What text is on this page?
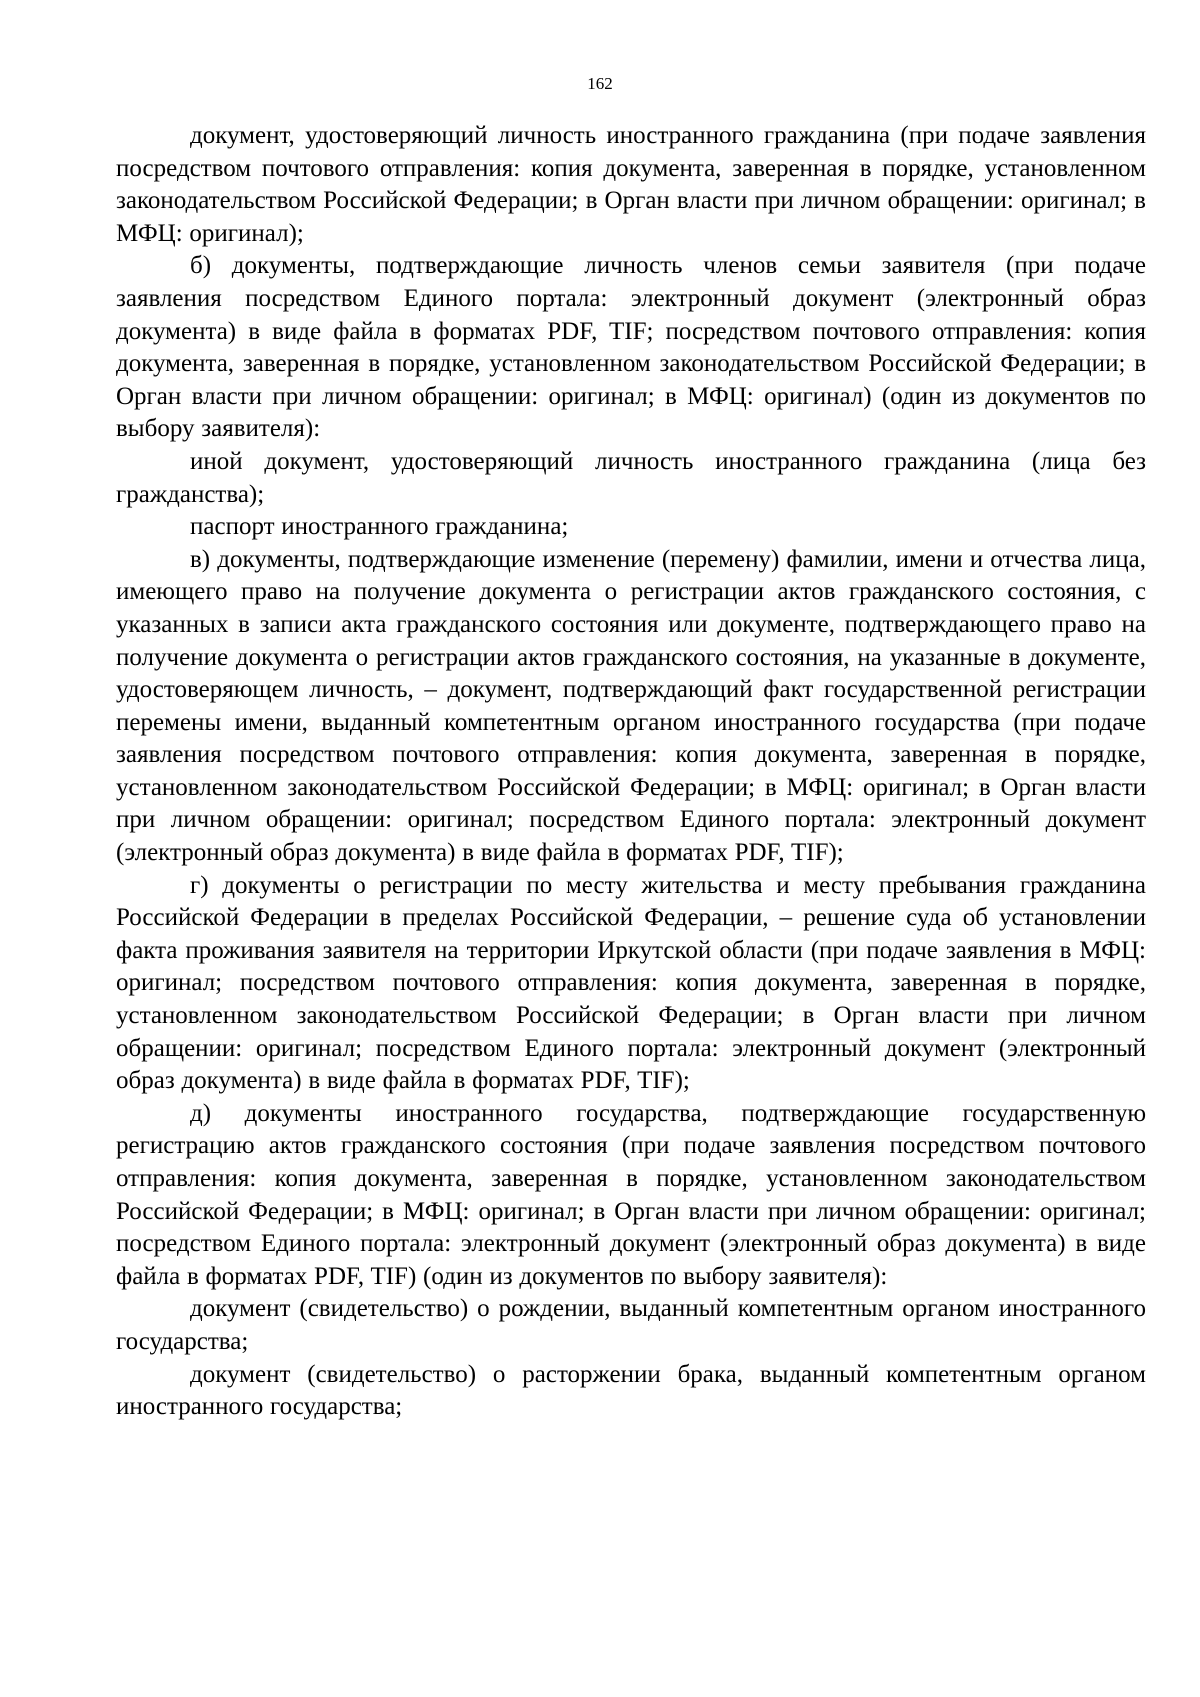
162

документ, удостоверяющий личность иностранного гражданина (при подаче заявления посредством почтового отправления: копия документа, заверенная в порядке, установленном законодательством Российской Федерации; в Орган власти при личном обращении: оригинал; в МФЦ: оригинал);

б) документы, подтверждающие личность членов семьи заявителя (при подаче заявления посредством Единого портала: электронный документ (электронный образ документа) в виде файла в форматах PDF, TIF; посредством почтового отправления: копия документа, заверенная в порядке, установленном законодательством Российской Федерации; в Орган власти при личном обращении: оригинал; в МФЦ: оригинал) (один из документов по выбору заявителя):

иной документ, удостоверяющий личность иностранного гражданина (лица без гражданства);

паспорт иностранного гражданина;

в) документы, подтверждающие изменение (перемену) фамилии, имени и отчества лица, имеющего право на получение документа о регистрации актов гражданского состояния, с указанных в записи акта гражданского состояния или документе, подтверждающего право на получение документа о регистрации актов гражданского состояния, на указанные в документе, удостоверяющем личность, – документ, подтверждающий факт государственной регистрации перемены имени, выданный компетентным органом иностранного государства (при подаче заявления посредством почтового отправления: копия документа, заверенная в порядке, установленном законодательством Российской Федерации; в МФЦ: оригинал; в Орган власти при личном обращении: оригинал; посредством Единого портала: электронный документ (электронный образ документа) в виде файла в форматах PDF, TIF);

г) документы о регистрации по месту жительства и месту пребывания гражданина Российской Федерации в пределах Российской Федерации, – решение суда об установлении факта проживания заявителя на территории Иркутской области (при подаче заявления в МФЦ: оригинал; посредством почтового отправления: копия документа, заверенная в порядке, установленном законодательством Российской Федерации; в Орган власти при личном обращении: оригинал; посредством Единого портала: электронный документ (электронный образ документа) в виде файла в форматах PDF, TIF);

д) документы иностранного государства, подтверждающие государственную регистрацию актов гражданского состояния (при подаче заявления посредством почтового отправления: копия документа, заверенная в порядке, установленном законодательством Российской Федерации; в МФЦ: оригинал; в Орган власти при личном обращении: оригинал; посредством Единого портала: электронный документ (электронный образ документа) в виде файла в форматах PDF, TIF) (один из документов по выбору заявителя):

документ (свидетельство) о рождении, выданный компетентным органом иностранного государства;

документ (свидетельство) о расторжении брака, выданный компетентным органом иностранного государства;
